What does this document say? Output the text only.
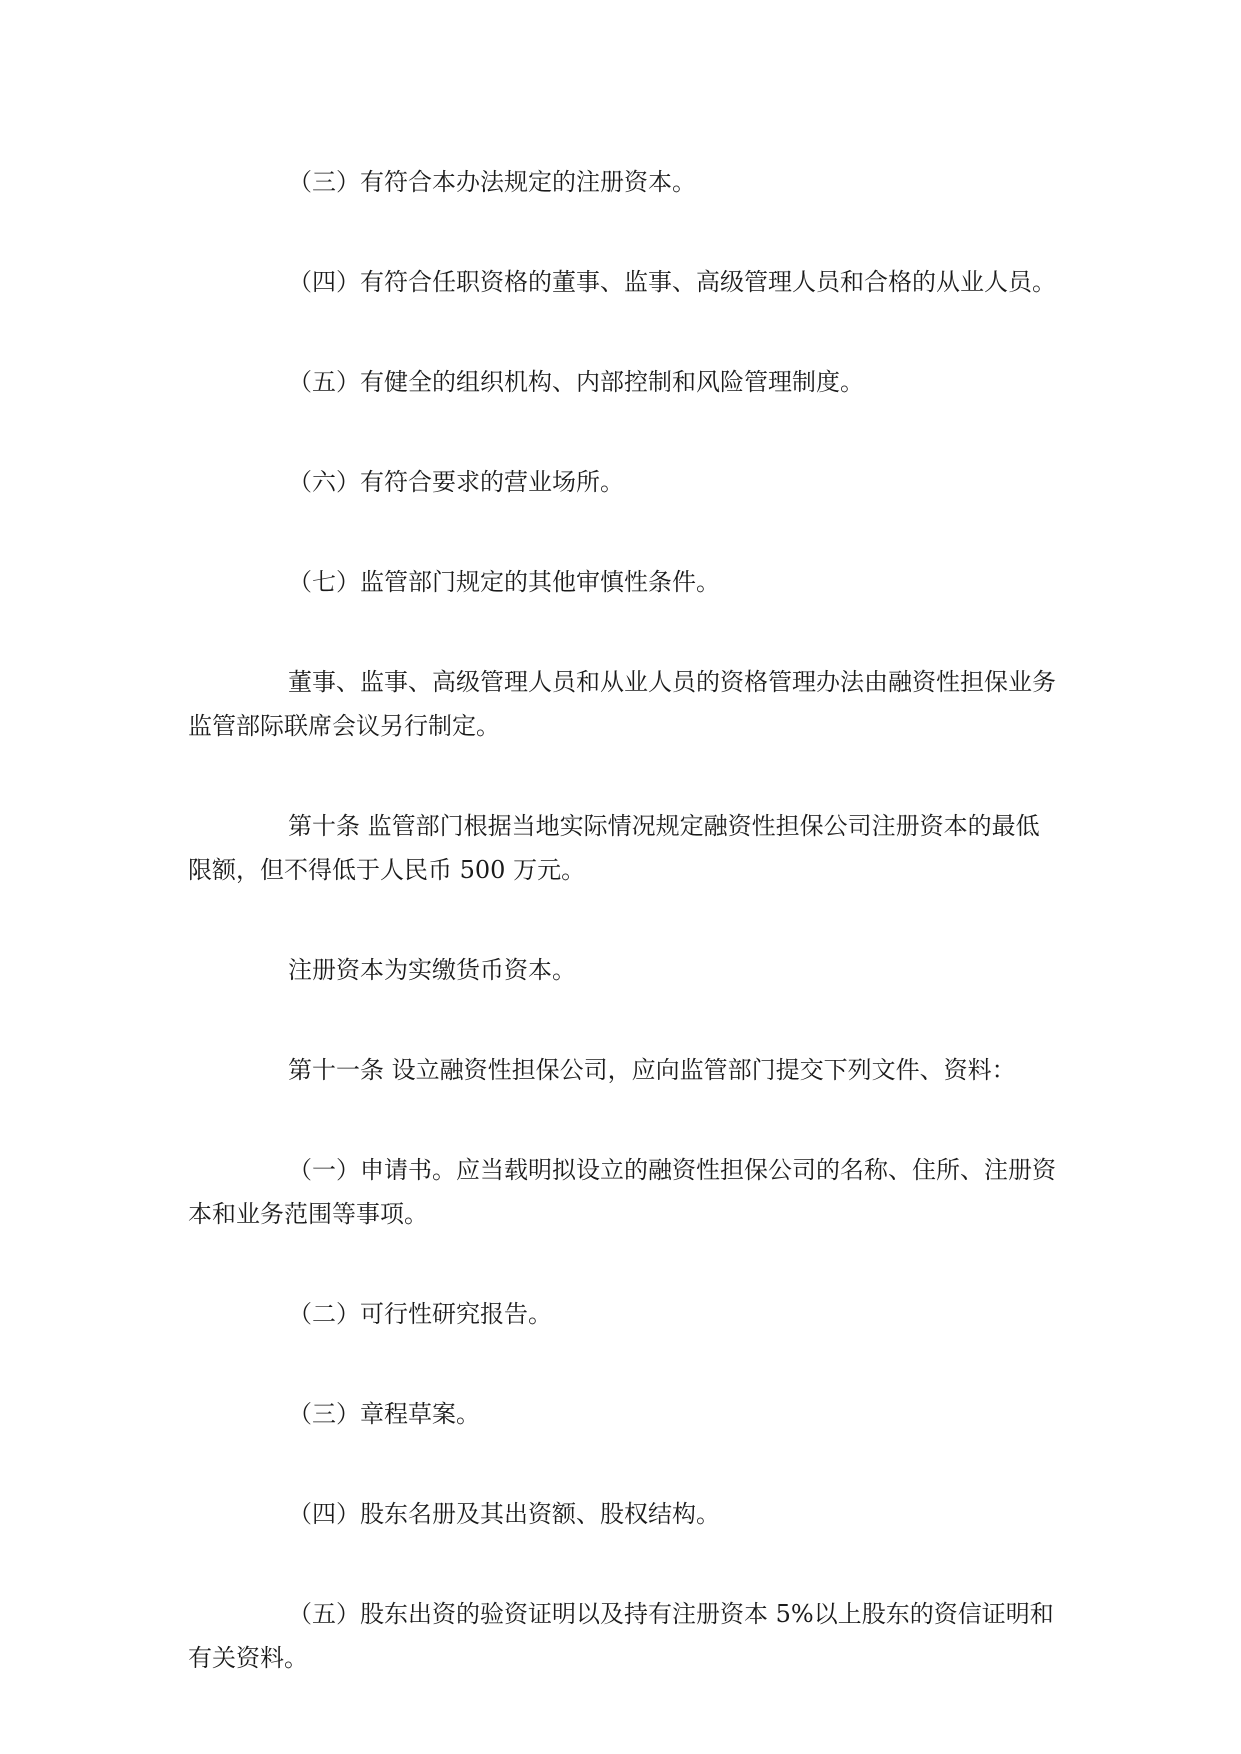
（三）有符合本办法规定的注册资本。

（四）有符合任职资格的董事、监事、高级管理人员和合格的从业人员。

（五）有健全的组织机构、内部控制和风险管理制度。

（六）有符合要求的营业场所。

（七）监管部门规定的其他审慎性条件。

董事、监事、高级管理人员和从业人员的资格管理办法由融资性担保业务监管部际联席会议另行制定。

第十条 监管部门根据当地实际情况规定融资性担保公司注册资本的最低限额，但不得低于人民币 500 万元。

注册资本为实缴货币资本。

第十一条 设立融资性担保公司，应向监管部门提交下列文件、资料：

（一）申请书。应当载明拟设立的融资性担保公司的名称、住所、注册资本和业务范围等事项。

（二）可行性研究报告。

（三）章程草案。

（四）股东名册及其出资额、股权结构。

（五）股东出资的验资证明以及持有注册资本 5%以上股东的资信证明和有关资料。
